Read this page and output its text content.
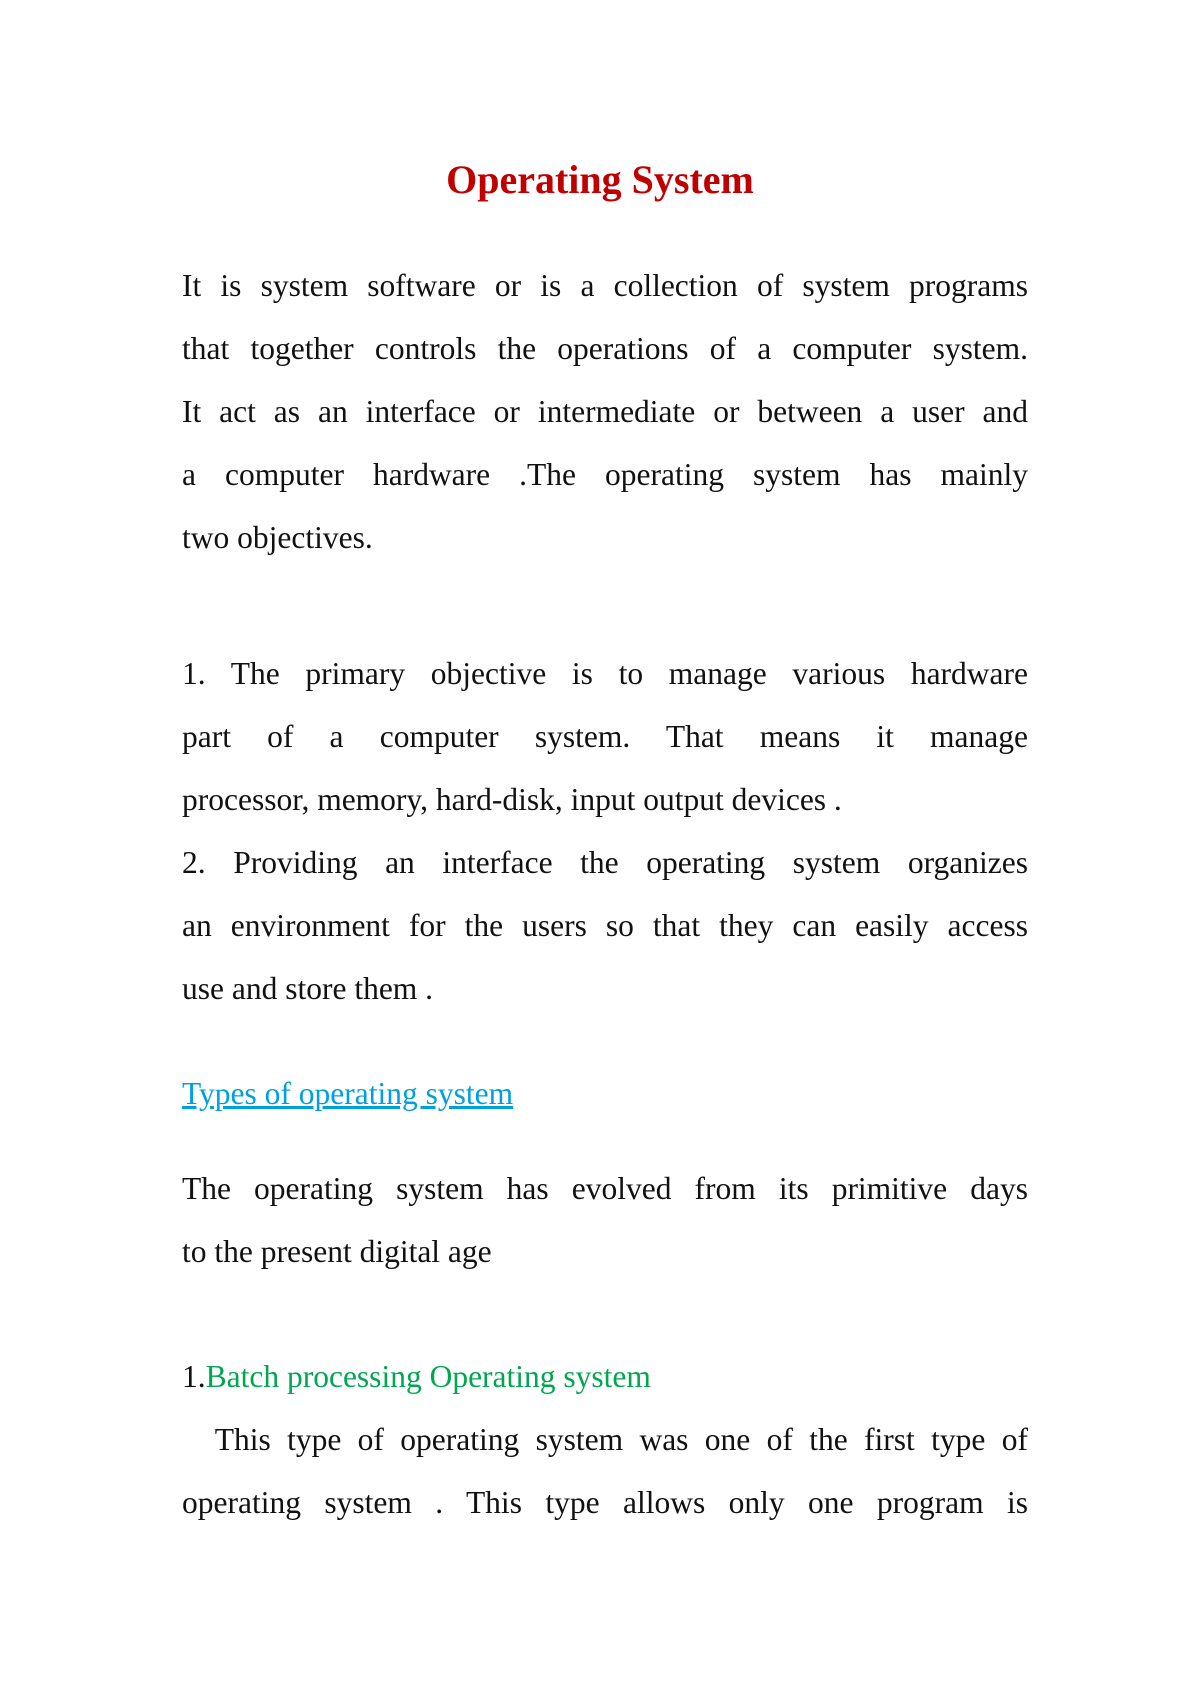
Operating System
It is system software or is a collection of system programs
that together controls the operations of a computer system.
It act as an interface or intermediate or between a user and
a computer hardware .The operating system has mainly
two objectives.
1. The primary objective is to manage various hardware
part of a computer system. That means it manage
processor, memory, hard-disk, input output devices .
2. Providing an interface the operating system organizes
an environment for the users so that they can easily access
use and store them .
Types of operating system
The operating system has evolved from its primitive days
to the present digital age
1.Batch processing Operating system
This type of operating system was one of the first type of
operating system . This type allows only one program is
